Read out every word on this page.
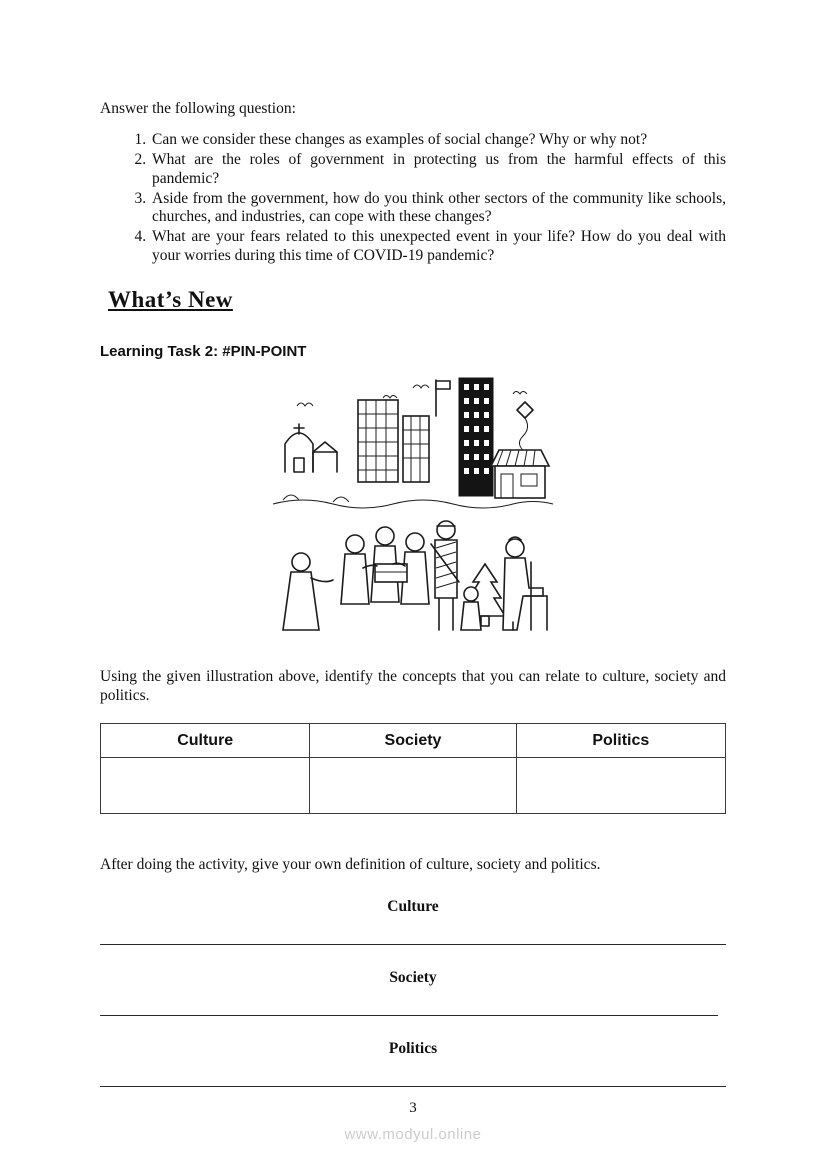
Answer the following question:

1. Can we consider these changes as examples of social change? Why or why not?
2. What are the roles of government in protecting us from the harmful effects of this pandemic?
3. Aside from the government, how do you think other sectors of the community like schools, churches, and industries, can cope with these changes?
4. What are your fears related to this unexpected event in your life? How do you deal with your worries during this time of COVID-19 pandemic?
What’s New
Learning Task 2: #PIN-POINT

Using the given illustration above, identify the concepts that you can relate to culture, society and politics.

Culture	Society	Politics

After doing the activity, give your own definition of culture, society and politics.

Culture
Society
Politics
3
www.modyul.online
